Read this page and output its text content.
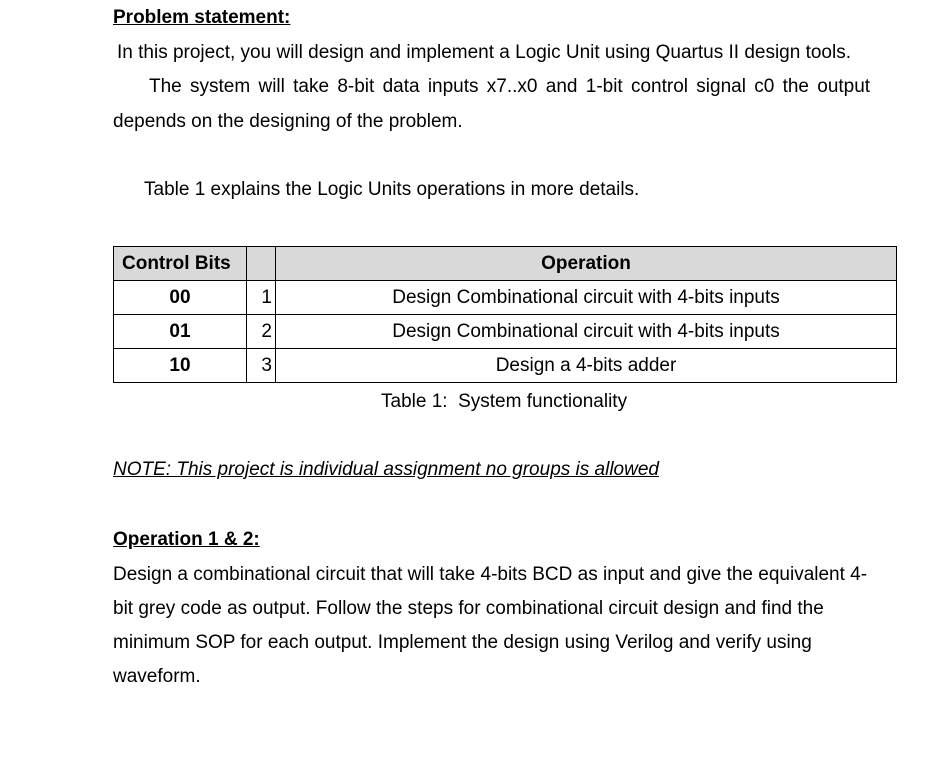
Problem statement:
In this project, you will design and implement a Logic Unit using Quartus II design tools.
The system will take 8-bit data inputs x7..x0 and 1-bit control signal c0 the output
depends on the designing of the problem.
Table 1 explains the Logic Units operations in more details.
Control Bits		Operation
00	1	Design Combinational circuit with 4-bits inputs
01	2	Design Combinational circuit with 4-bits inputs
10	3	Design a 4-bits adder
Table 1:  System functionality
NOTE: This project is individual assignment no groups is allowed
Operation 1 & 2:
Design a combinational circuit that will take 4-bits BCD as input and give the equivalent 4-
bit grey code as output. Follow the steps for combinational circuit design and find the
minimum SOP for each output. Implement the design using Verilog and verify using
waveform.
